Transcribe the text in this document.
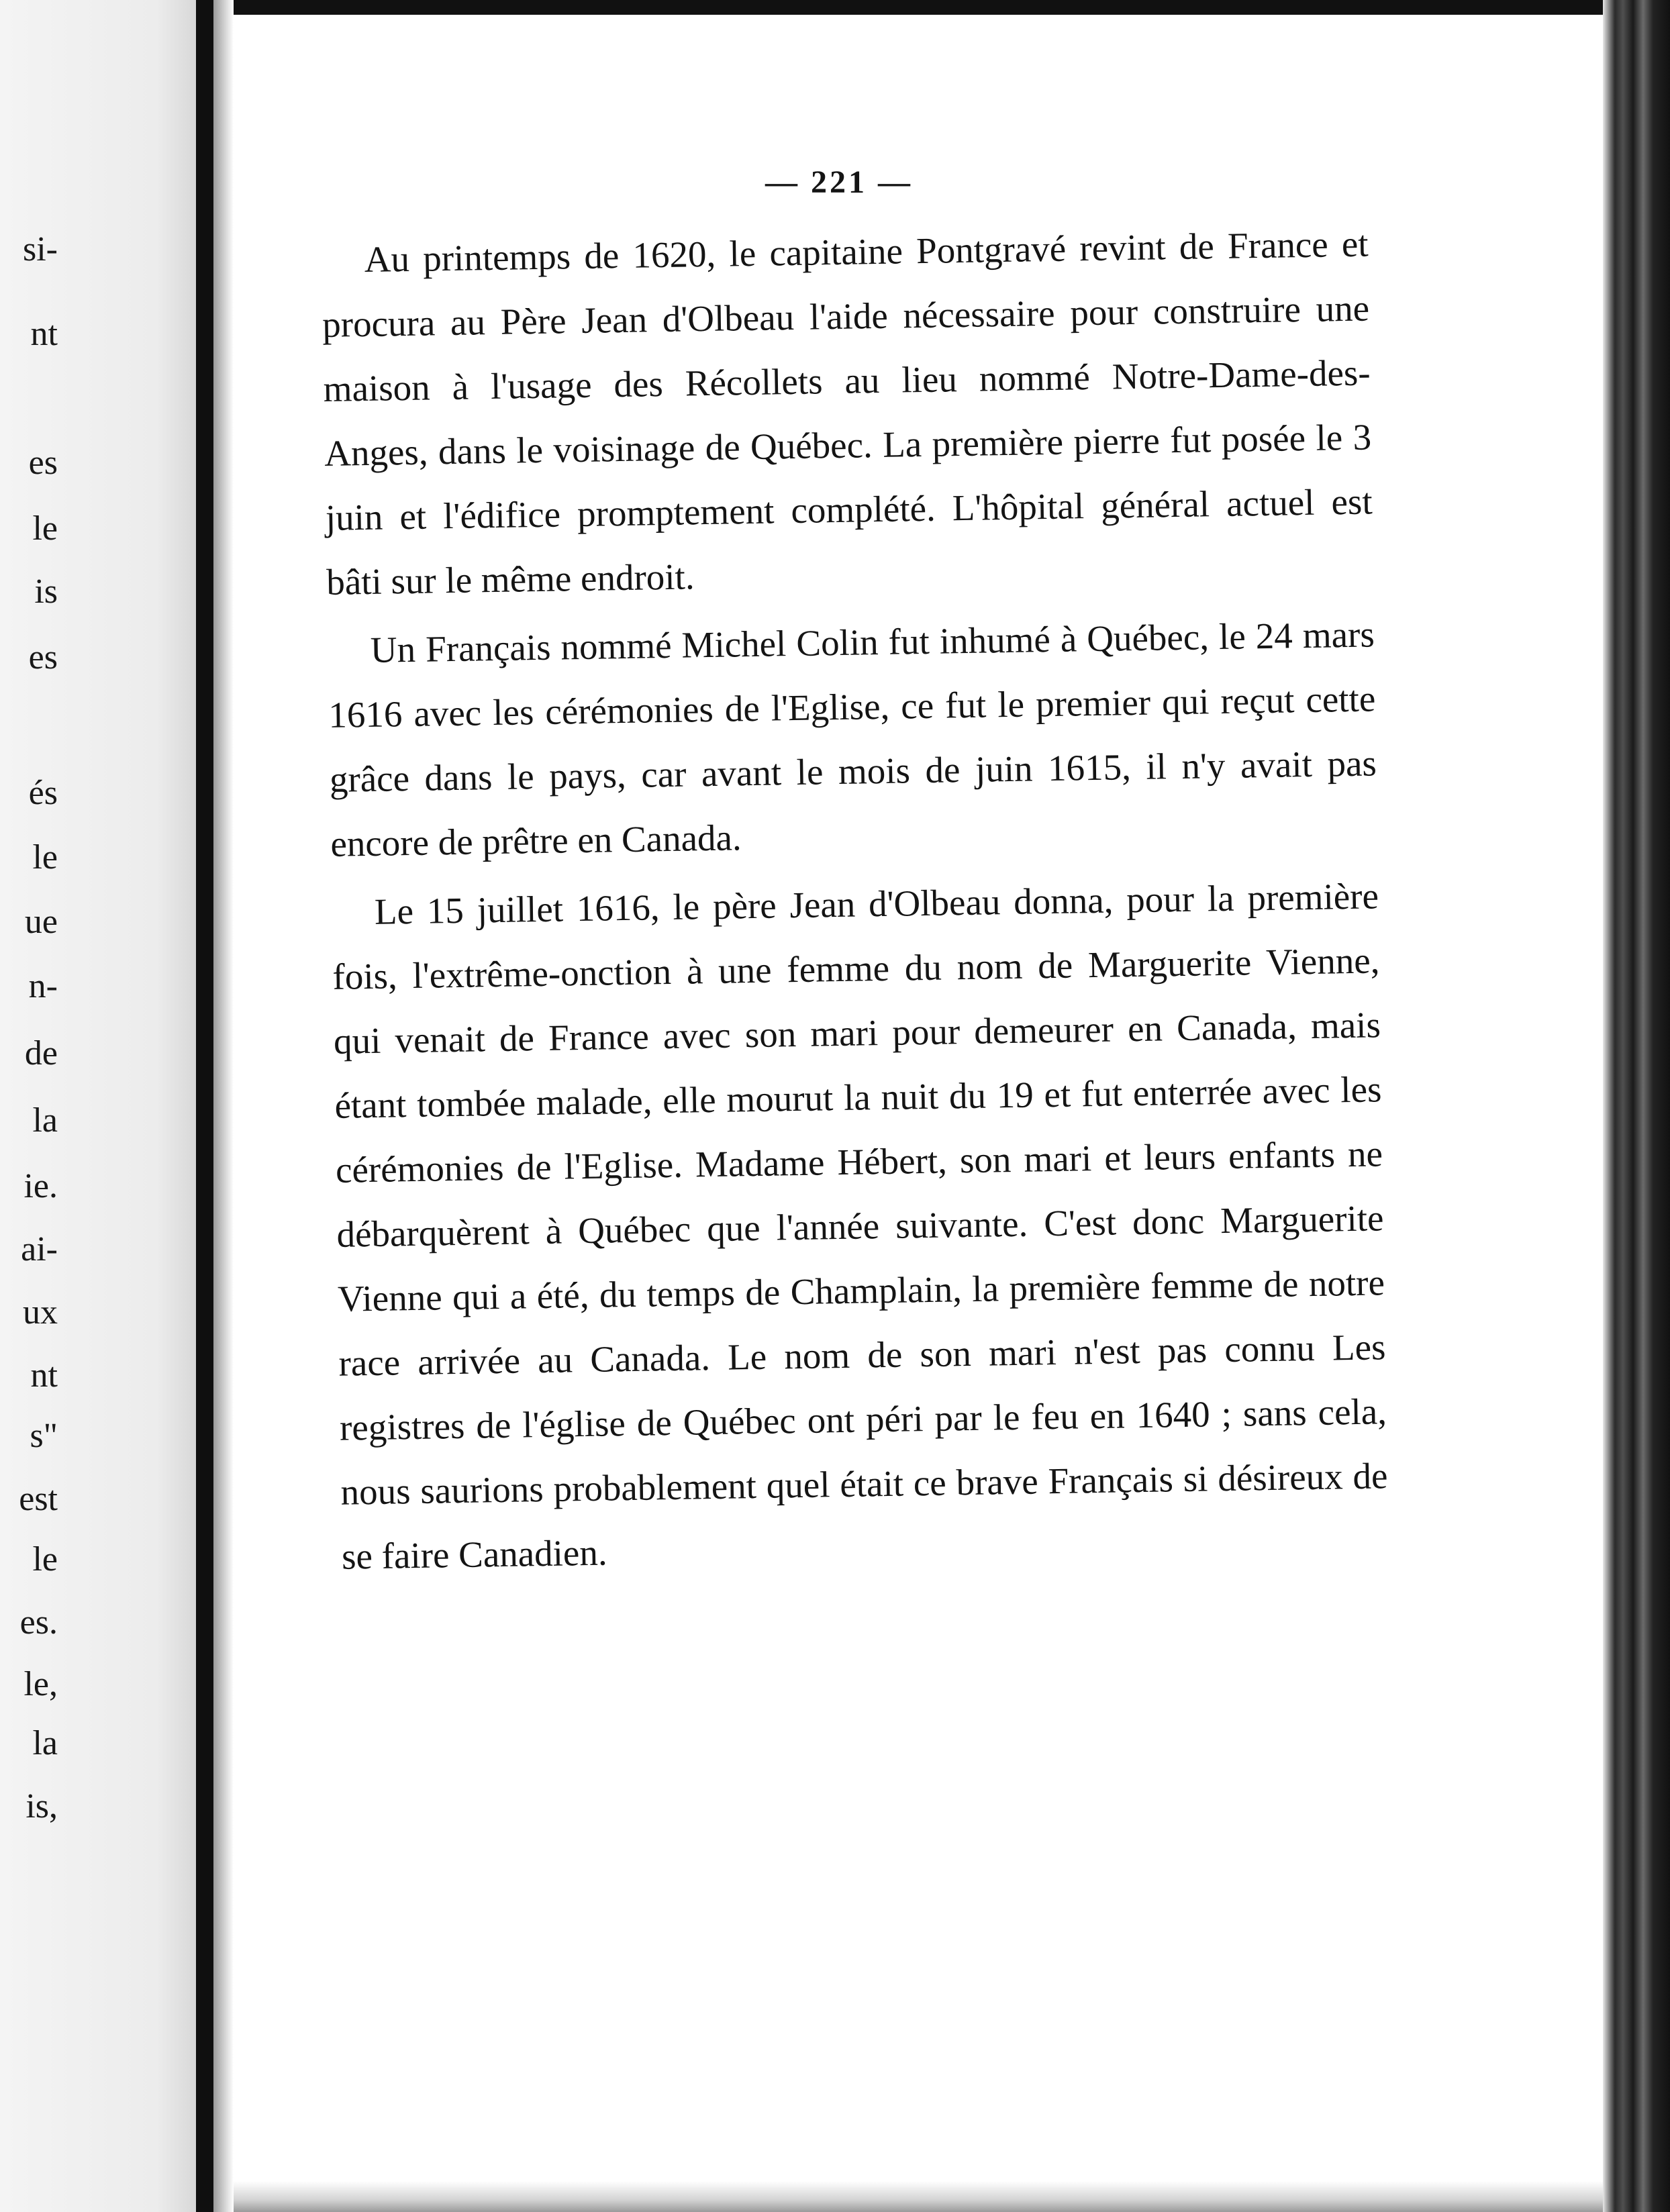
si-
nt
es
le
is
es
és
le
ue
n-
de
la
ie.
ai-
ux
nt
s"
est
le
es.
le,
la
is,
— 221 —

Au printemps de 1620, le capitaine Pontgravé revint de France et procura au Père Jean d'Olbeau l'aide nécessaire pour construire une maison à l'usage des Récollets au lieu nommé Notre-Dame-des-Anges, dans le voisinage de Québec. La première pierre fut posée le 3 juin et l'édifice promptement complété. L'hôpital général actuel est bâti sur le même endroit.

Un Français nommé Michel Colin fut inhumé à Québec, le 24 mars 1616 avec les cérémonies de l'Eglise, ce fut le premier qui reçut cette grâce dans le pays, car avant le mois de juin 1615, il n'y avait pas encore de prêtre en Canada.

Le 15 juillet 1616, le père Jean d'Olbeau donna, pour la première fois, l'extrême-onction à une femme du nom de Marguerite Vienne, qui venait de France avec son mari pour demeurer en Canada, mais étant tombée malade, elle mourut la nuit du 19 et fut enterrée avec les cérémonies de l'Eglise. Madame Hébert, son mari et leurs enfants ne débarquèrent à Québec que l'année suivante. C'est donc Marguerite Vienne qui a été, du temps de Champlain, la première femme de notre race arrivée au Canada. Le nom de son mari n'est pas connu Les registres de l'église de Québec ont péri par le feu en 1640 ; sans cela, nous saurions probablement quel était ce brave Français si désireux de se faire Canadien.
